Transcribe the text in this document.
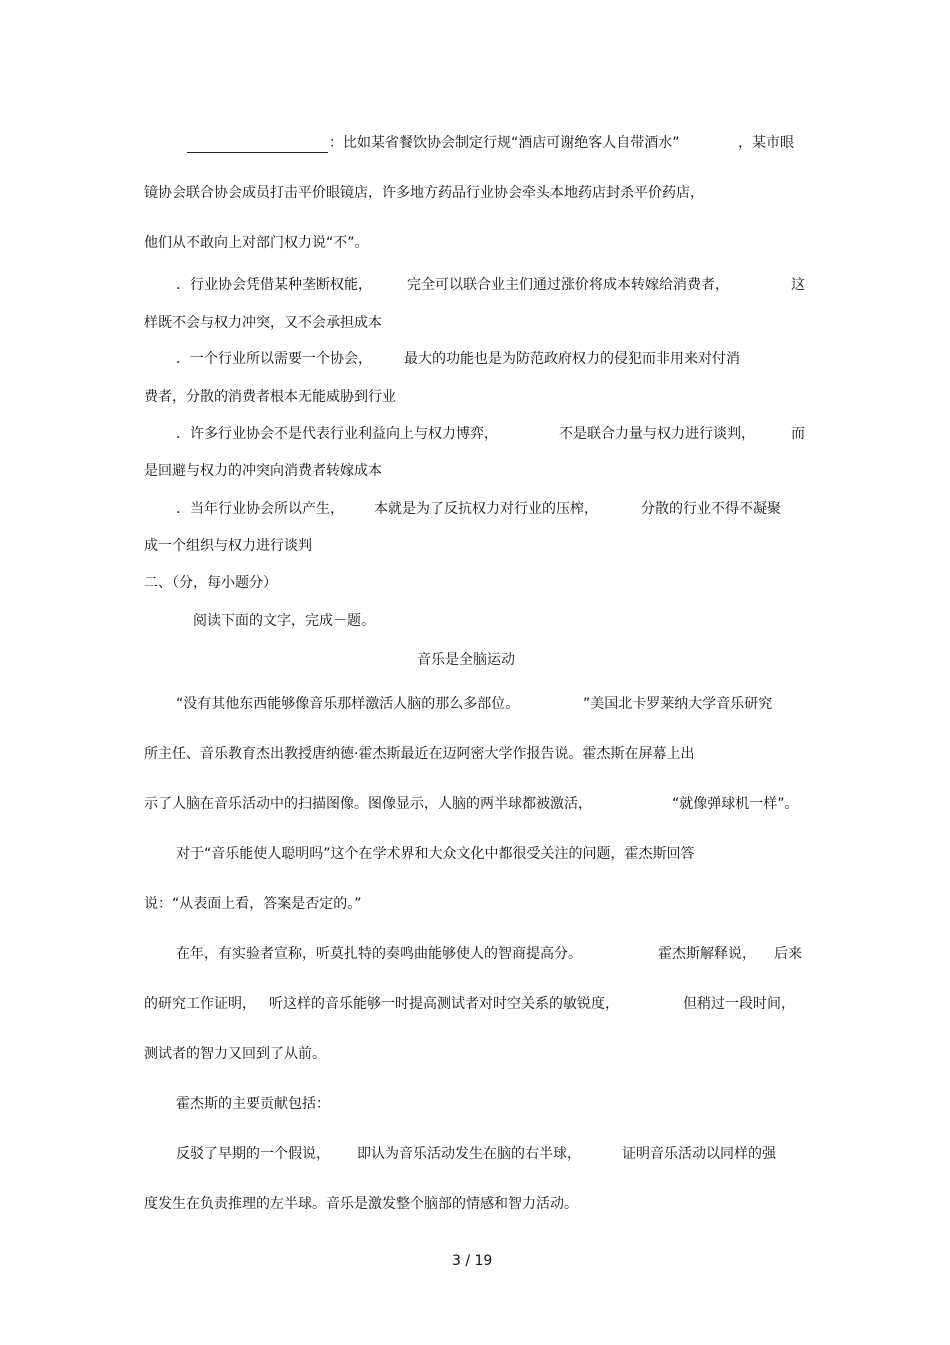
：比如某省餐饮协会制定行规“酒店可谢绝客人自带酒水”	，某市眼
镜协会联合协会成员打击平价眼镜店，许多地方药品行业协会牵头本地药店封杀平价药店，
他们从不敢向上对部门权力说“不”。
．行业协会凭借某种垄断权能，	完全可以联合业主们通过涨价将成本转嫁给消费者，	这
样既不会与权力冲突，又不会承担成本
．一个行业所以需要一个协会， 最大的功能也是为防范政府权力的侵犯而非用来对付消
费者，分散的消费者根本无能威胁到行业
．许多行业协会不是代表行业利益向上与权力博弈，	不是联合力量与权力进行谈判，	而
是回避与权力的冲突向消费者转嫁成本
．当年行业协会所以产生， 本就是为了反抗权力对行业的压榨，	分散的行业不得不凝聚
成一个组织与权力进行谈判
二、（分，每小题分）
阅读下面的文字，完成－题。
音乐是全脑运动
“没有其他东西能够像音乐那样激活人脑的那么多部位。	”美国北卡罗莱纳大学音乐研究
所主任、音乐教育杰出教授唐纳德·霍杰斯最近在迈阿密大学作报告说。霍杰斯在屏幕上出
示了人脑在音乐活动中的扫描图像。图像显示，人脑的两半球都被激活，	“就像弹球机一样”。
对于“音乐能使人聪明吗”这个在学术界和大众文化中都很受关注的问题，霍杰斯回答
说：“从表面上看，答案是否定的。”
在年，有实验者宣称，听莫扎特的奏鸣曲能够使人的智商提高分。	霍杰斯解释说， 后来
的研究工作证明， 听这样的音乐能够一时提高测试者对时空关系的敏锐度，	但稍过一段时间，
测试者的智力又回到了从前。
霍杰斯的主要贡献包括：
反驳了早期的一个假说， 即认为音乐活动发生在脑的右半球，	证明音乐活动以同样的强
度发生在负责推理的左半球。音乐是激发整个脑部的情感和智力活动。
3 / 19
